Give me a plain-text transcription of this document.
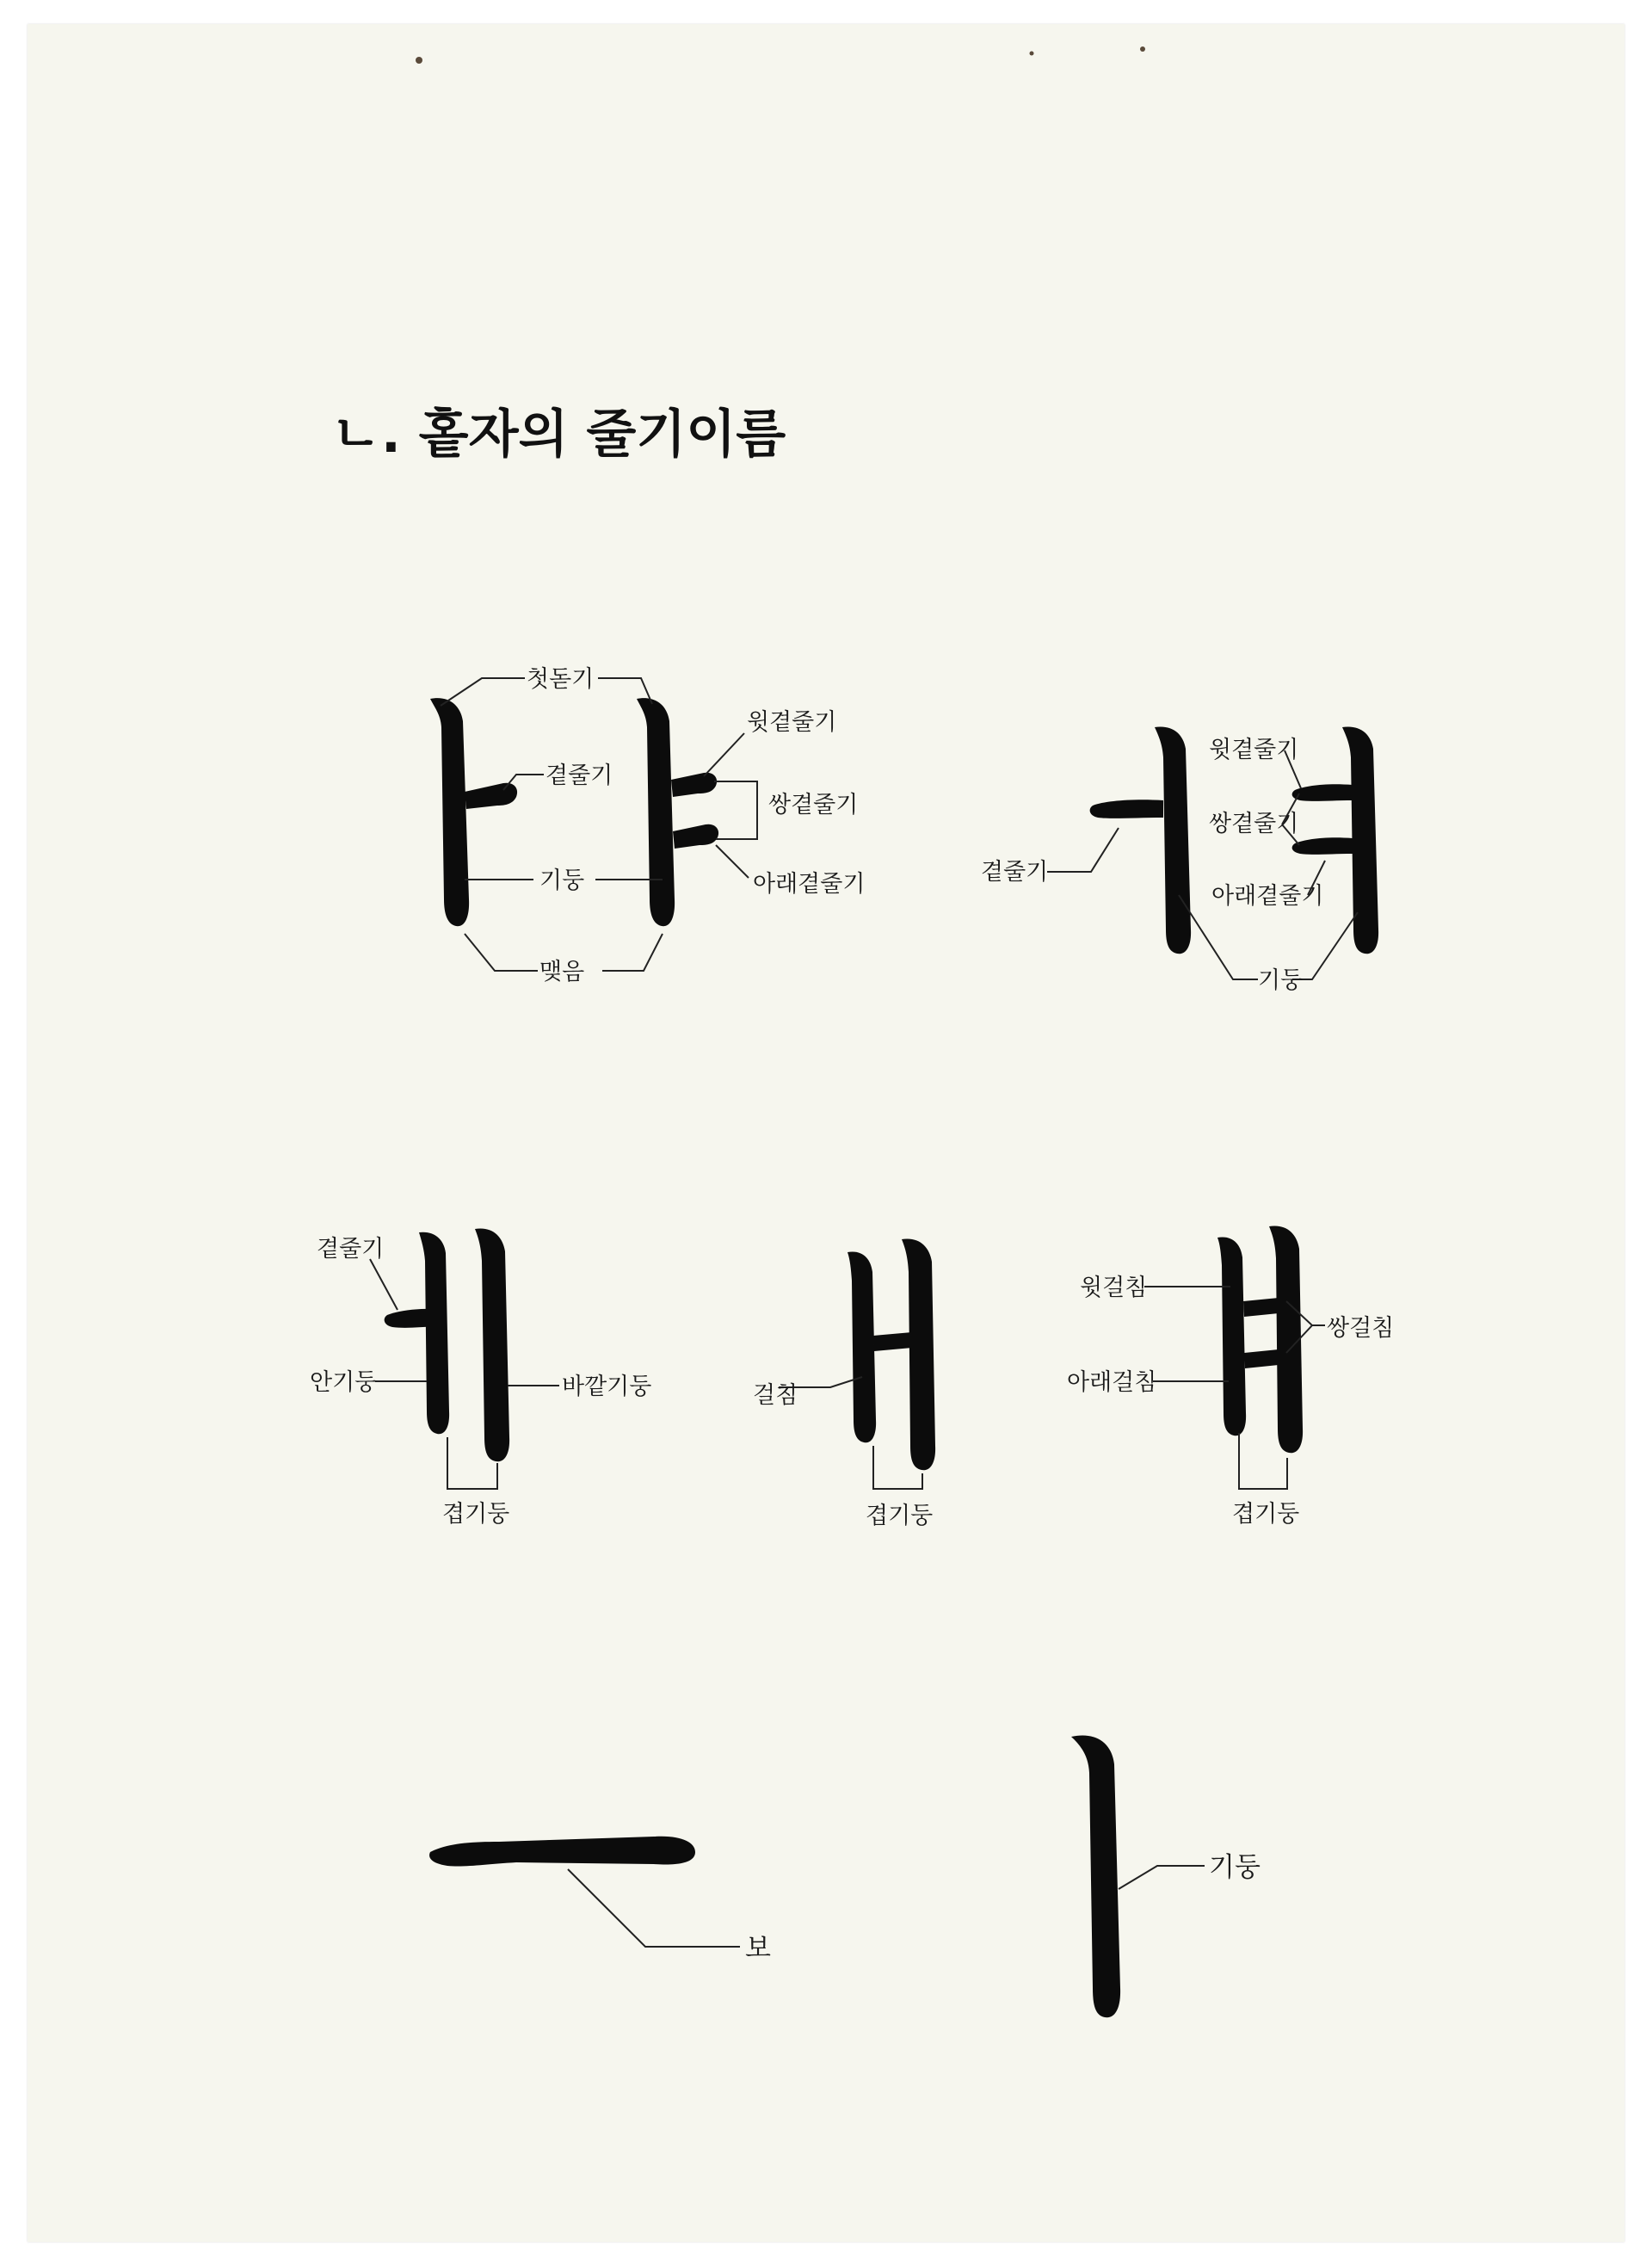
ㄴ. 홑자의 줄기이름
첫돋기
곁줄기
기둥
맺음
윗곁줄기
쌍곁줄기
아래곁줄기	곁줄기
윗곁줄기
쌍곁줄기
아래곁줄기
기둥
곁줄기
안기둥	바깥기둥
겹기둥
걸침
겹기둥
윗걸침
아래걸침
쌍걸침
겹기둥
보
기둥
